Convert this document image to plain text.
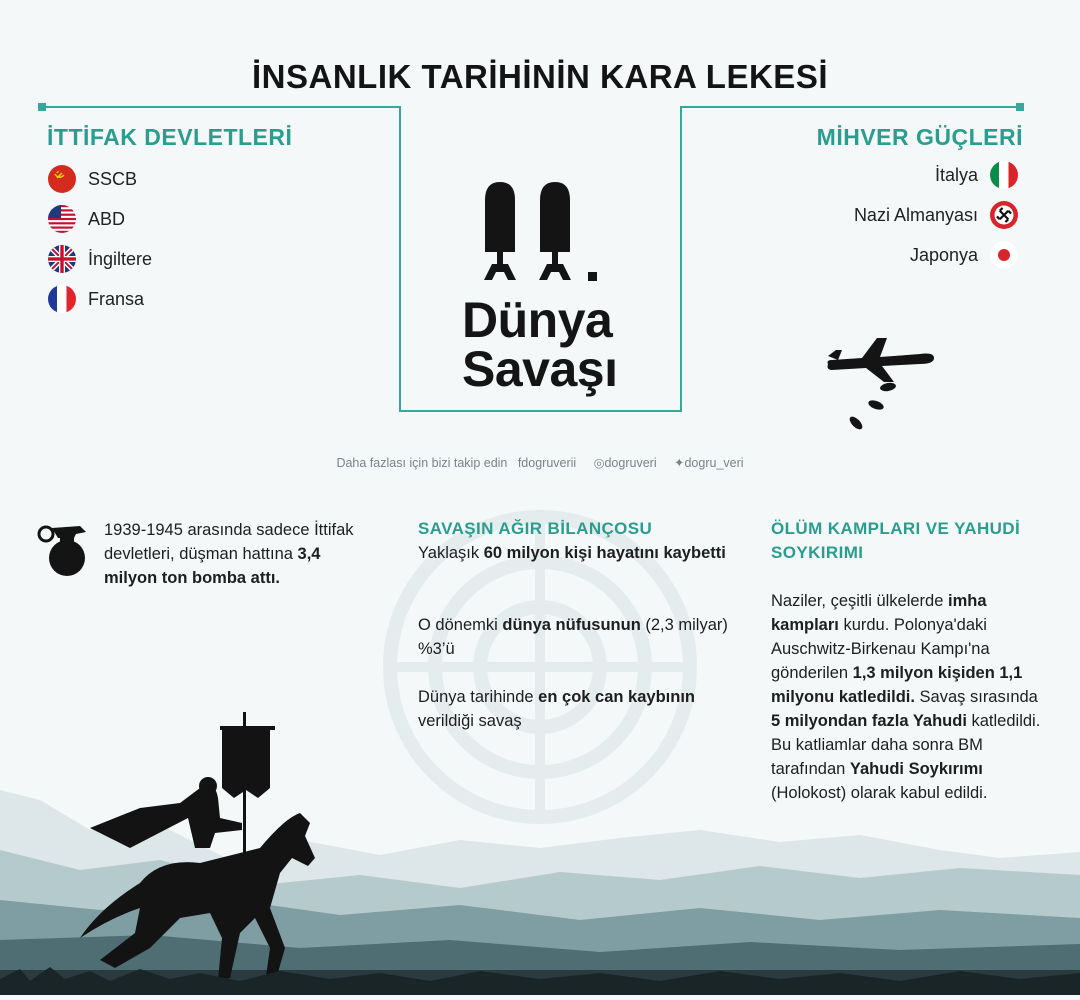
İNSANLIK TARİHİNİN KARA LEKESİ
İTTİFAK DEVLETLERİ
SSCB
ABD
İngiltere
Fransa
MİHVER GÜÇLERİ
İtalya
Nazi Almanyası
Japonya
Dünya
Savaşı
Daha fazlası için bizi takip edin fdogruverii ◎dogruveri ✦dogru_veri
1939-1945 arasında sadece İttifak devletleri, düşman hattına 3,4 milyon ton bomba attı.
SAVAŞIN AĞIR BİLANÇOSU
Yaklaşık 60 milyon kişi hayatını kaybetti
O dönemki dünya nüfusunun (2,3 milyar) %3’ü
Dünya tarihinde en çok can kaybının verildiği savaş
ÖLÜM KAMPLARI VE YAHUDİ SOYKIRIMI
Naziler, çeşitli ülkelerde imha kampları kurdu. Polonya'daki Auschwitz-Birkenau Kampı'na gönderilen 1,3 milyon kişiden 1,1 milyonu katledildi. Savaş sırasında 5 milyondan fazla Yahudi katledildi. Bu katliamlar daha sonra BM tarafından Yahudi Soykırımı (Holokost) olarak kabul edildi.
